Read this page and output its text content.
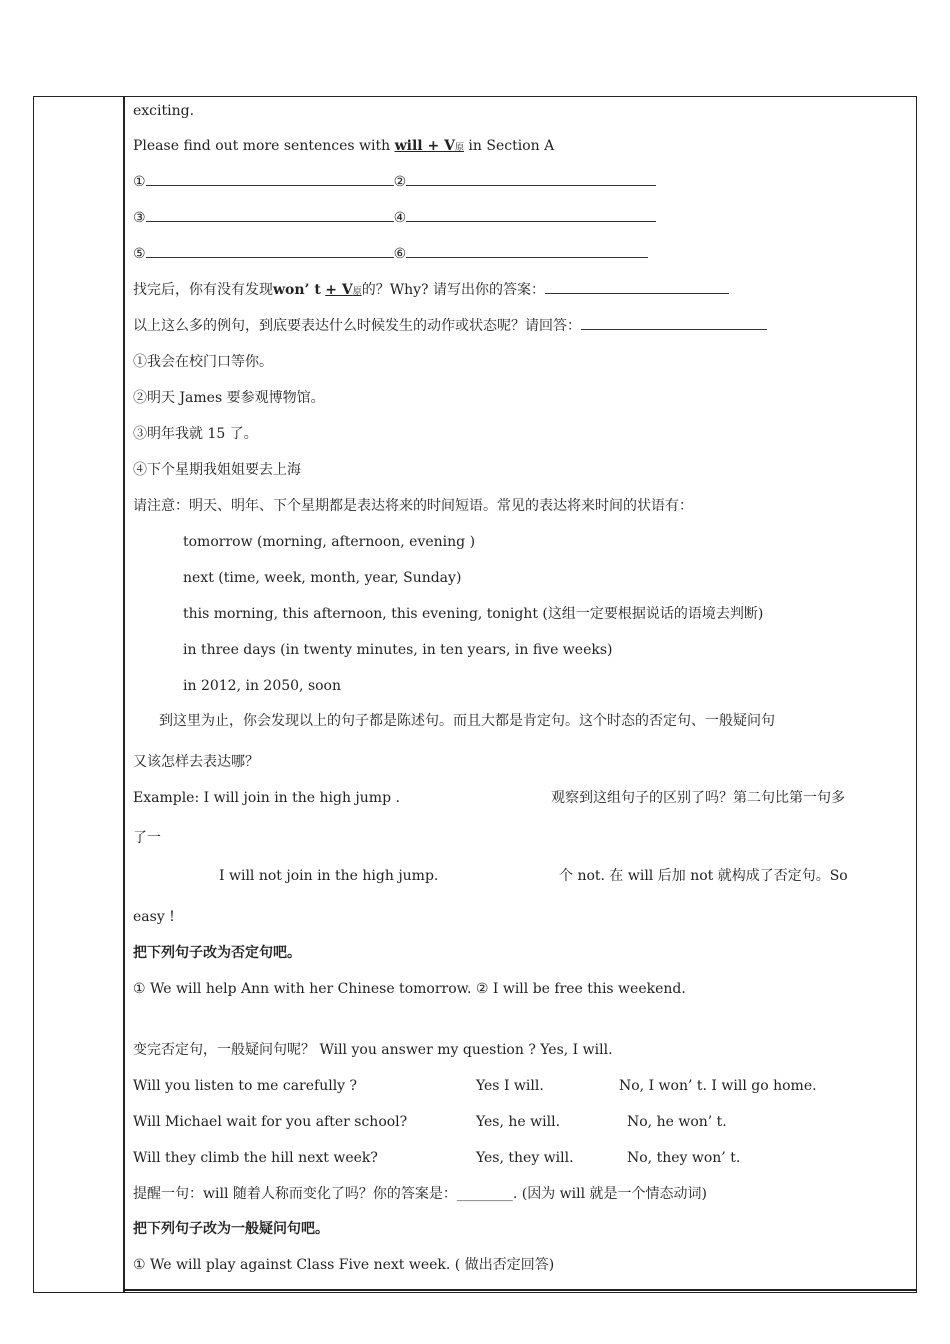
exciting.
Please find out more sentences with will + V原 in Section A
①	②
③	④
⑤	⑥
找完后，你有没有发现won’ t + V原的？Why? 请写出你的答案：
以上这么多的例句，到底要表达什么时候发生的动作或状态呢？请回答：
①我会在校门口等你。
②明天 James 要参观博物馆。
③明年我就 15 了。
④下个星期我姐姐要去上海
请注意：明天、明年、下个星期都是表达将来的时间短语。常见的表达将来时间的状语有：
tomorrow (morning, afternoon, evening )
next (time, week, month, year, Sunday)
this morning, this afternoon, this evening, tonight (这组一定要根据说话的语境去判断)
in three days (in twenty minutes, in ten years, in five weeks)
in 2012, in 2050, soon
到这里为止，你会发现以上的句子都是陈述句。而且大都是肯定句。这个时态的否定句、一般疑问句
又该怎样去表达哪？
Example: I will join in the high jump .	观察到这组句子的区别了吗？第二句比第一句多
了一
I will not join in the high jump.	个 not. 在 will 后加 not 就构成了否定句。So
easy !
把下列句子改为否定句吧。
① We will help Ann with her Chinese tomorrow. ② I will be free this weekend.
变完否定句，一般疑问句呢？ Will you answer my question ? Yes, I will.
Will you listen to me carefully ?	Yes I will.	No, I won’ t. I will go home.
Will Michael wait for you after school?	Yes, he will.	No, he won’ t.
Will they climb the hill next week?	Yes, they will.	No, they won’ t.
提醒一句：will 随着人称而变化了吗？你的答案是：________. (因为 will 就是一个情态动词)
把下列句子改为一般疑问句吧。
① We will play against Class Five next week. ( 做出否定回答)
